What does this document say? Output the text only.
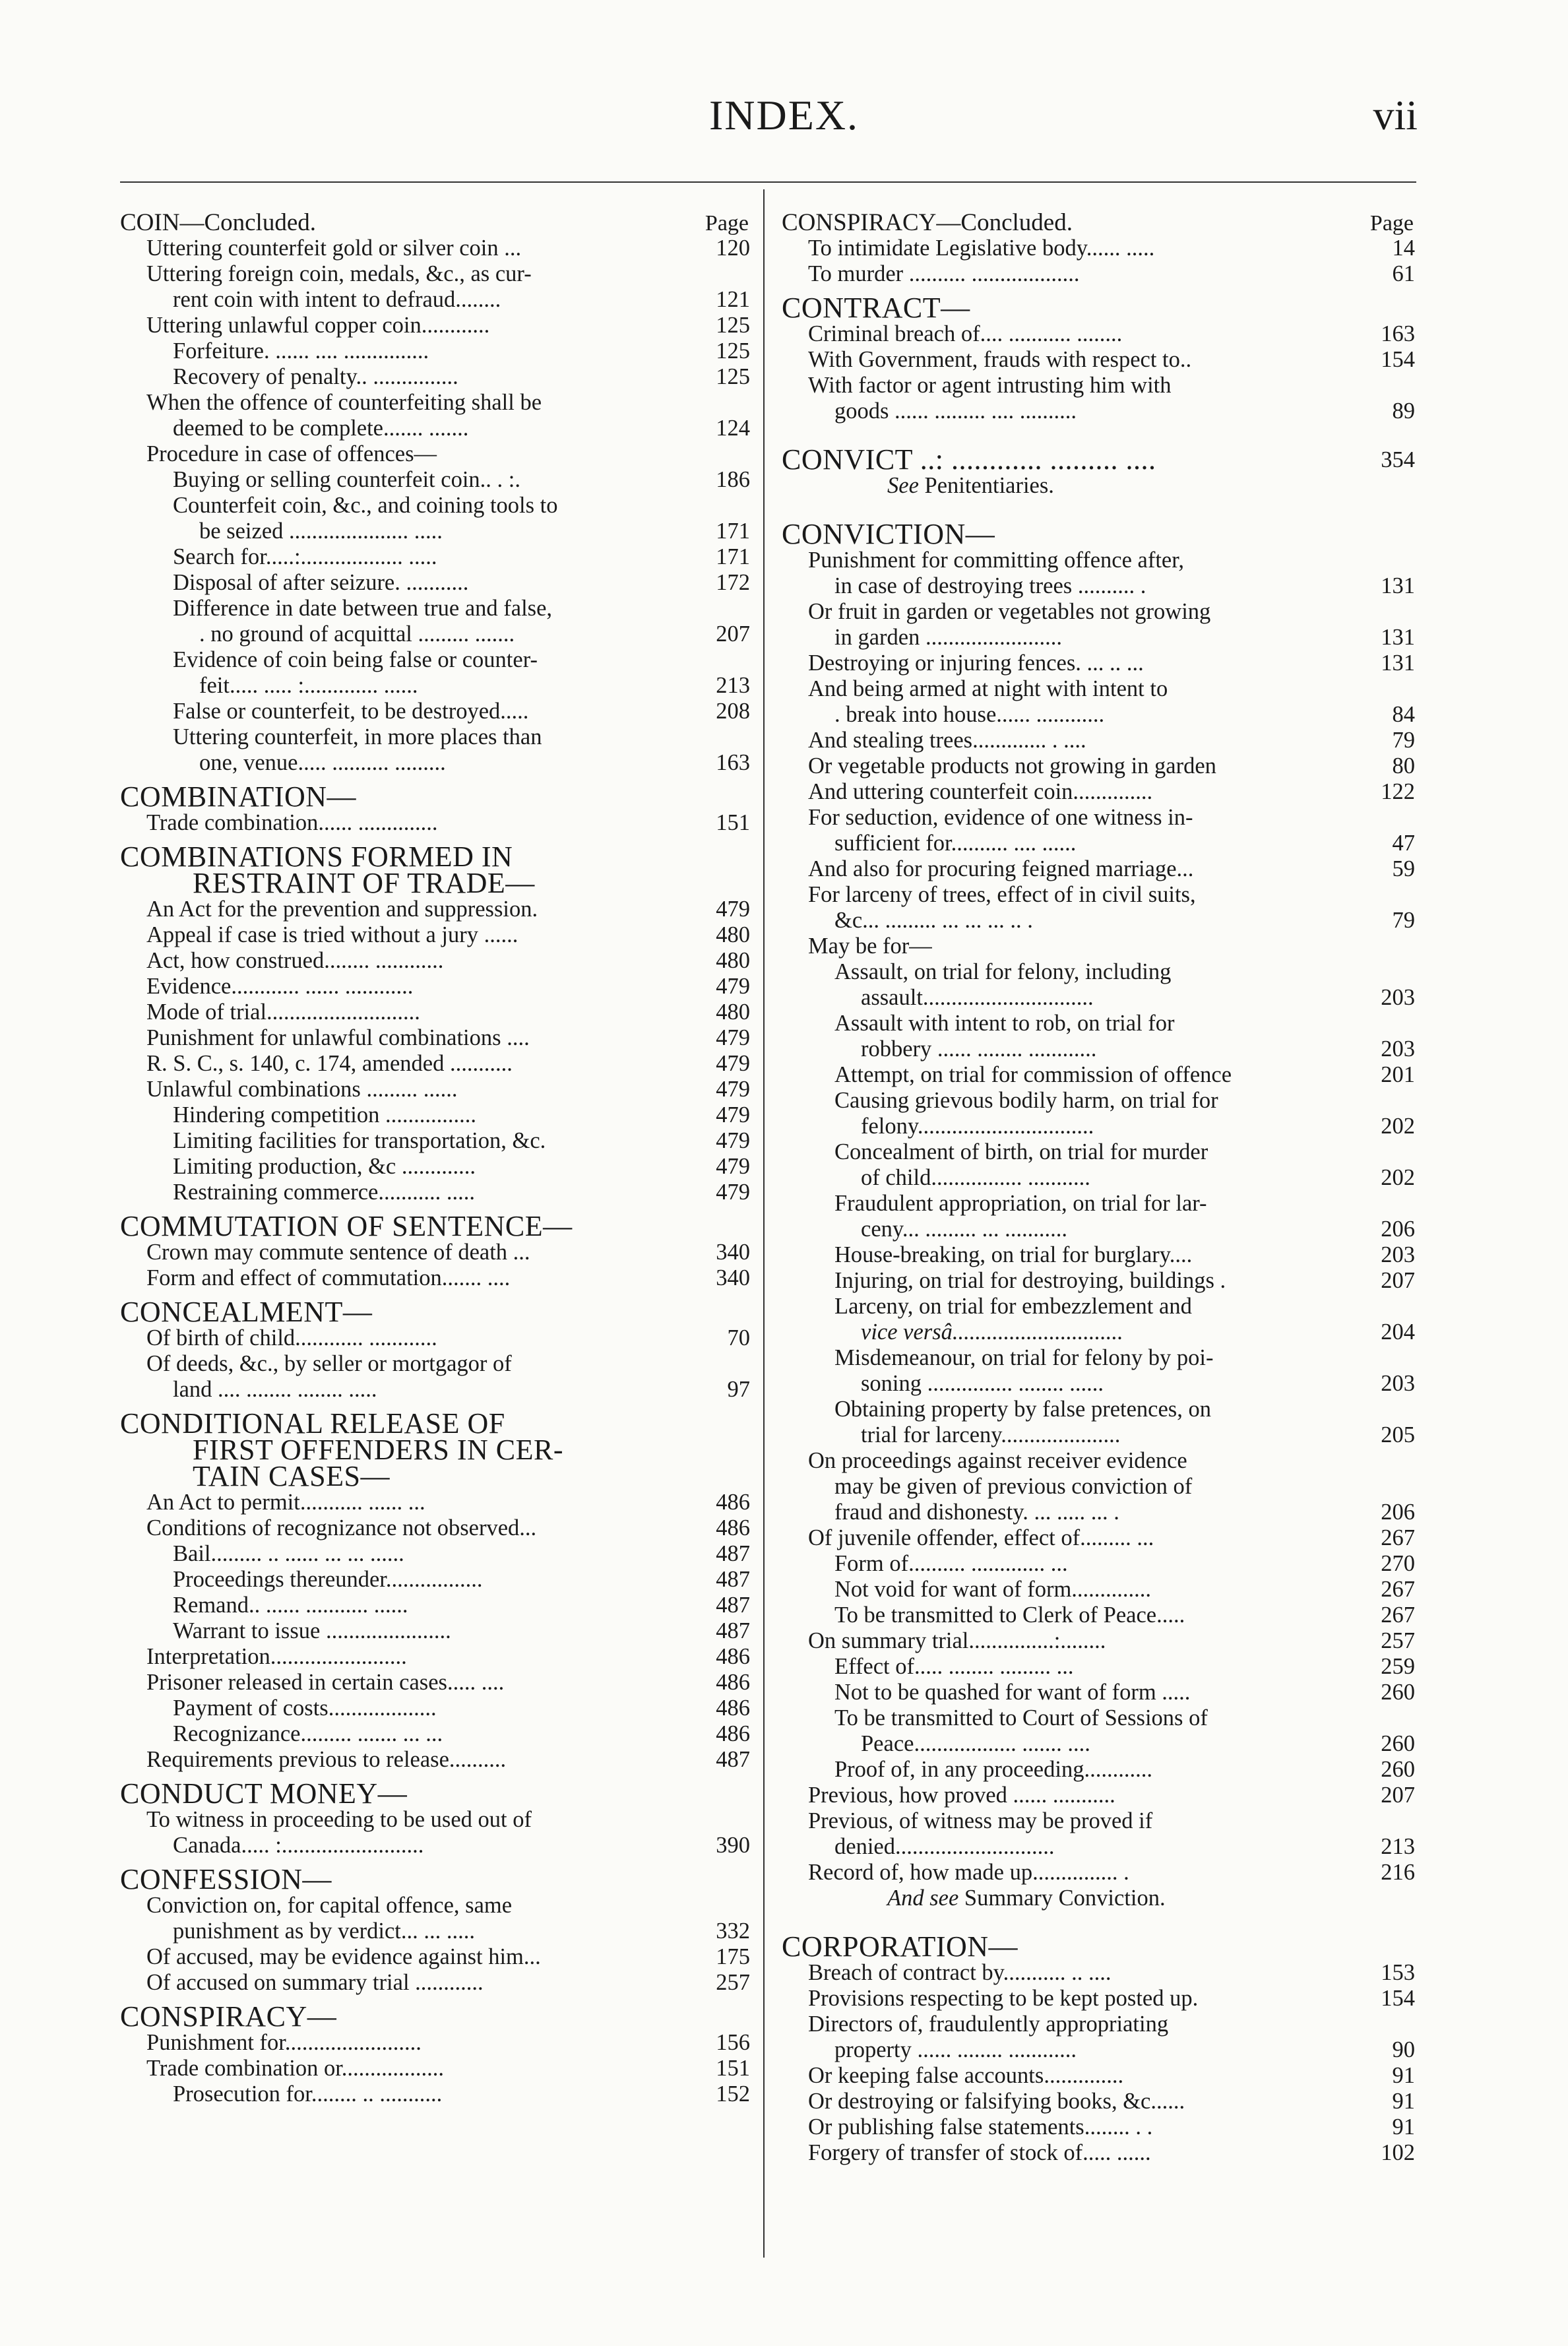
INDEX.	vii
COIN—Concluded.	Page
Uttering counterfeit gold or silver coin ...	120
Uttering foreign coin, medals, &c., as cur-
rent coin with intent to defraud........	121
Uttering unlawful copper coin............	125
Forfeiture. ...... .... ...............	125
Recovery of penalty.. ...............	125
When the offence of counterfeiting shall be
deemed to be complete....... .......	124
Procedure in case of offences—
Buying or selling counterfeit coin.. . :.	186
Counterfeit coin, &c., and coining tools to
be seized ..................... .....	171
Search for.....:.................. .....	171
Disposal of after seizure. ...........	172
Difference in date between true and false,
. no ground of acquittal ......... .......	207
Evidence of coin being false or counter-
feit..... ..... :............. ......	213
False or counterfeit, to be destroyed.....	208
Uttering counterfeit, in more places than
one, venue..... .......... .........	163
COMBINATION—
Trade combination...... ..............	151
COMBINATIONS FORMED IN
RESTRAINT OF TRADE—
An Act for the prevention and suppression.	479
Appeal if case is tried without a jury ......	480
Act, how construed........ ............	480
Evidence............ ...... ............	479
Mode of trial...........................	480
Punishment for unlawful combinations ....	479
R. S. C., s. 140, c. 174, amended ...........	479
Unlawful combinations ......... ......	479
Hindering competition ................	479
Limiting facilities for transportation, &c.	479
Limiting production, &c .............	479
Restraining commerce........... .....	479
COMMUTATION OF SENTENCE—
Crown may commute sentence of death ...	340
Form and effect of commutation....... ....	340
CONCEALMENT—
Of birth of child............ ............	70
Of deeds, &c., by seller or mortgagor of
land .... ........ ........ .....	97
CONDITIONAL RELEASE OF
FIRST OFFENDERS IN CER-
TAIN CASES—
An Act to permit........... ...... ...	486
Conditions of recognizance not observed...	486
Bail......... .. ...... ... ... ......	487
Proceedings thereunder.................	487
Remand.. ...... ........... ......	487
Warrant to issue ......................	487
Interpretation........................	486
Prisoner released in certain cases..... ....	486
Payment of costs...................	486
Recognizance......... ....... ... ...	486
Requirements previous to release..........	487
CONDUCT MONEY—
To witness in proceeding to be used out of
Canada..... :.........................	390
CONFESSION—
Conviction on, for capital offence, same
punishment as by verdict... ... .....	332
Of accused, may be evidence against him...	175
Of accused on summary trial ............	257
CONSPIRACY—
Punishment for........................	156
Trade combination or..................	151
Prosecution for........ .. ...........	152
CONSPIRACY—Concluded.	Page
To intimidate Legislative body...... .....	14
To murder .......... ...................	61
CONTRACT—
Criminal breach of.... ........... ........	163
With Government, frauds with respect to..	154
With factor or agent intrusting him with
goods ...... ......... .... ..........	89
CONVICT ..: ............ ......... ....	354
See Penitentiaries.
CONVICTION—
Punishment for committing offence after,
in case of destroying trees .......... .	131
Or fruit in garden or vegetables not growing
in garden ........................	131
Destroying or injuring fences. ... .. ...	131
And being armed at night with intent to
. break into house...... ............	84
And stealing trees............. . ....	79
Or vegetable products not growing in garden	80
And uttering counterfeit coin..............	122
For seduction, evidence of one witness in-
sufficient for.......... .... ......	47
And also for procuring feigned marriage...	59
For larceny of trees, effect of in civil suits,
&c... ......... ... ... ... .. .	79
May be for—
Assault, on trial for felony, including
assault..............................	203
Assault with intent to rob, on trial for
robbery ...... ........ ............	203
Attempt, on trial for commission of offence	201
Causing grievous bodily harm, on trial for
felony...............................	202
Concealment of birth, on trial for murder
of child................ ...........	202
Fraudulent appropriation, on trial for lar-
ceny... ......... ... ...........	206
House-breaking, on trial for burglary....	203
Injuring, on trial for destroying, buildings .	207
Larceny, on trial for embezzlement and
vice versâ..............................	204
Misdemeanour, on trial for felony by poi-
soning ............... ........ ......	203
Obtaining property by false pretences, on
trial for larceny.....................	205
On proceedings against receiver evidence
may be given of previous conviction of
fraud and dishonesty. ... ..... ... .	206
Of juvenile offender, effect of......... ...	267
Form of.......... ............. ...	270
Not void for want of form..............	267
To be transmitted to Clerk of Peace.....	267
On summary trial...............:........	257
Effect of..... ........ ......... ...	259
Not to be quashed for want of form .....	260
To be transmitted to Court of Sessions of
Peace.................. ....... ....	260
Proof of, in any proceeding............	260
Previous, how proved ...... ...........	207
Previous, of witness may be proved if
denied............................	213
Record of, how made up............... .	216
And see Summary Conviction.
CORPORATION—
Breach of contract by........... .. ....	153
Provisions respecting to be kept posted up.	154
Directors of, fraudulently appropriating
property ...... ........ ............	90
Or keeping false accounts..............	91
Or destroying or falsifying books, &c......	91
Or publishing false statements........ . .	91
Forgery of transfer of stock of..... ......	102
